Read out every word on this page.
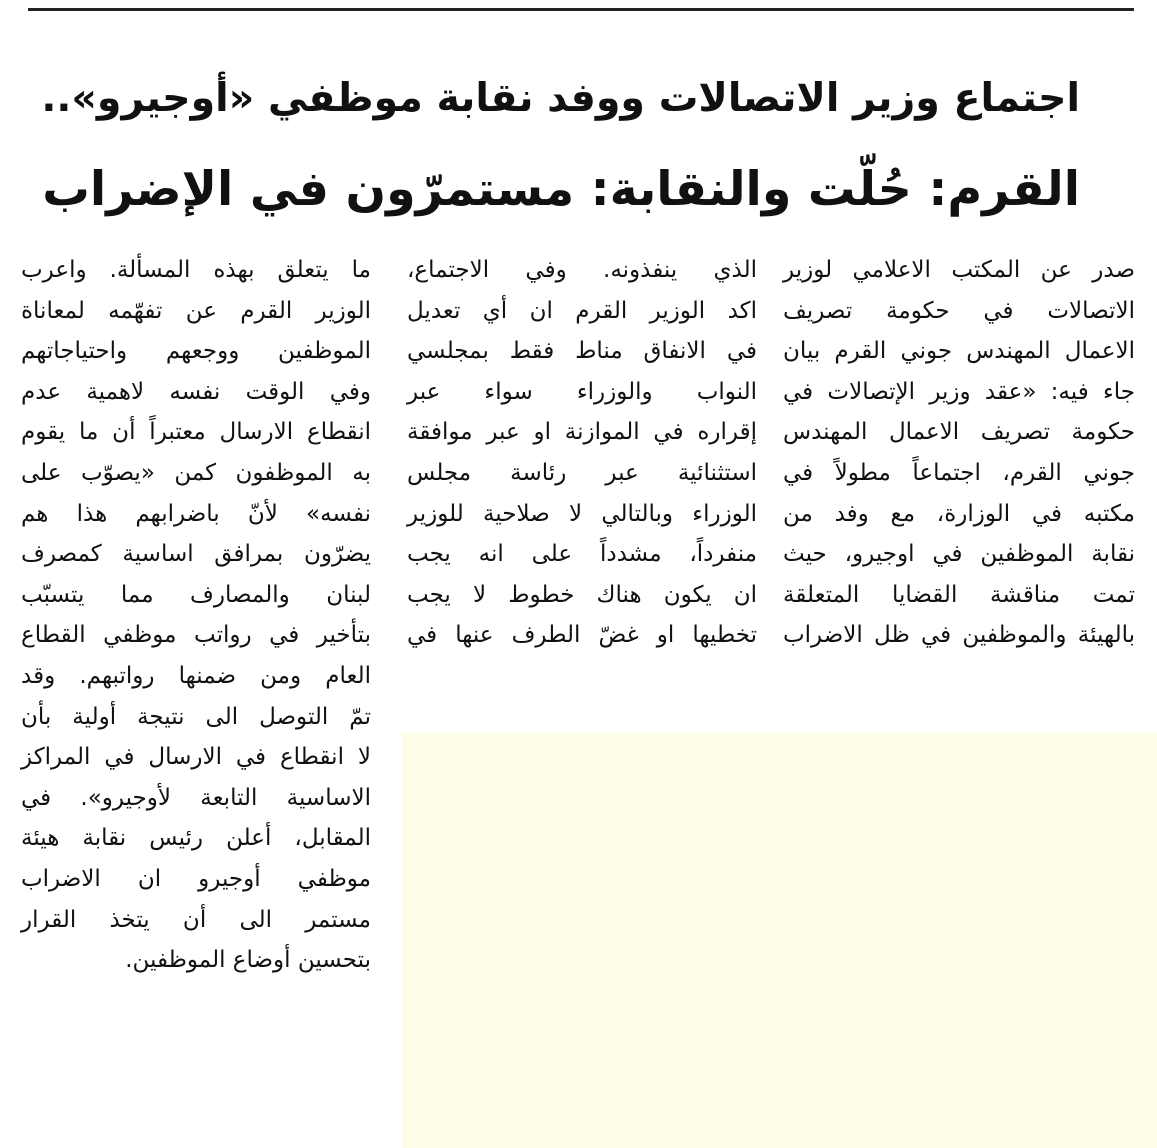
اجتماع وزير الاتصالات ووفد نقابة موظفي «أوجيرو»..
القرم: حُلّت والنقابة: مستمرّون في الإضراب
صدر عن المكتب الاعلامي لوزير
الاتصالات في حكومة تصريف
الاعمال المهندس جوني القرم بيان
جاء فيه: «عقد وزير الإتصالات في
حكومة تصريف الاعمال المهندس
جوني القرم، اجتماعاً مطولاً في
مكتبه في الوزارة، مع وفد من
نقابة الموظفين في اوجيرو، حيث
تمت مناقشة القضايا المتعلقة
بالهيئة والموظفين في ظل الاضراب
الذي ينفذونه. وفي الاجتماع،
اكد الوزير القرم ان أي تعديل
في الانفاق مناط فقط بمجلسي
النواب والوزراء سواء عبر
إقراره في الموازنة او عبر موافقة
استثنائية عبر رئاسة مجلس
الوزراء وبالتالي لا صلاحية للوزير
منفرداً، مشدداً على انه يجب
ان يكون هناك خطوط لا يجب
تخطيها او غضّ الطرف عنها في
ما يتعلق بهذه المسألة. واعرب
الوزير القرم عن تفهّمه لمعاناة
الموظفين ووجعهم واحتياجاتهم
وفي الوقت نفسه لاهمية عدم
انقطاع الارسال معتبراً أن ما يقوم
به الموظفون كمن «يصوّب على
نفسه» لأنّ باضرابهم هذا هم
يضرّون بمرافق اساسية كمصرف
لبنان والمصارف مما يتسبّب
بتأخير في رواتب موظفي القطاع
العام ومن ضمنها رواتبهم. وقد
تمّ التوصل الى نتيجة أولية بأن
لا انقطاع في الارسال في المراكز
الاساسية التابعة لأوجيرو». في
المقابل، أعلن رئيس نقابة هيئة
موظفي أوجيرو ان الاضراب
مستمر الى أن يتخذ القرار
بتحسين أوضاع الموظفين.
